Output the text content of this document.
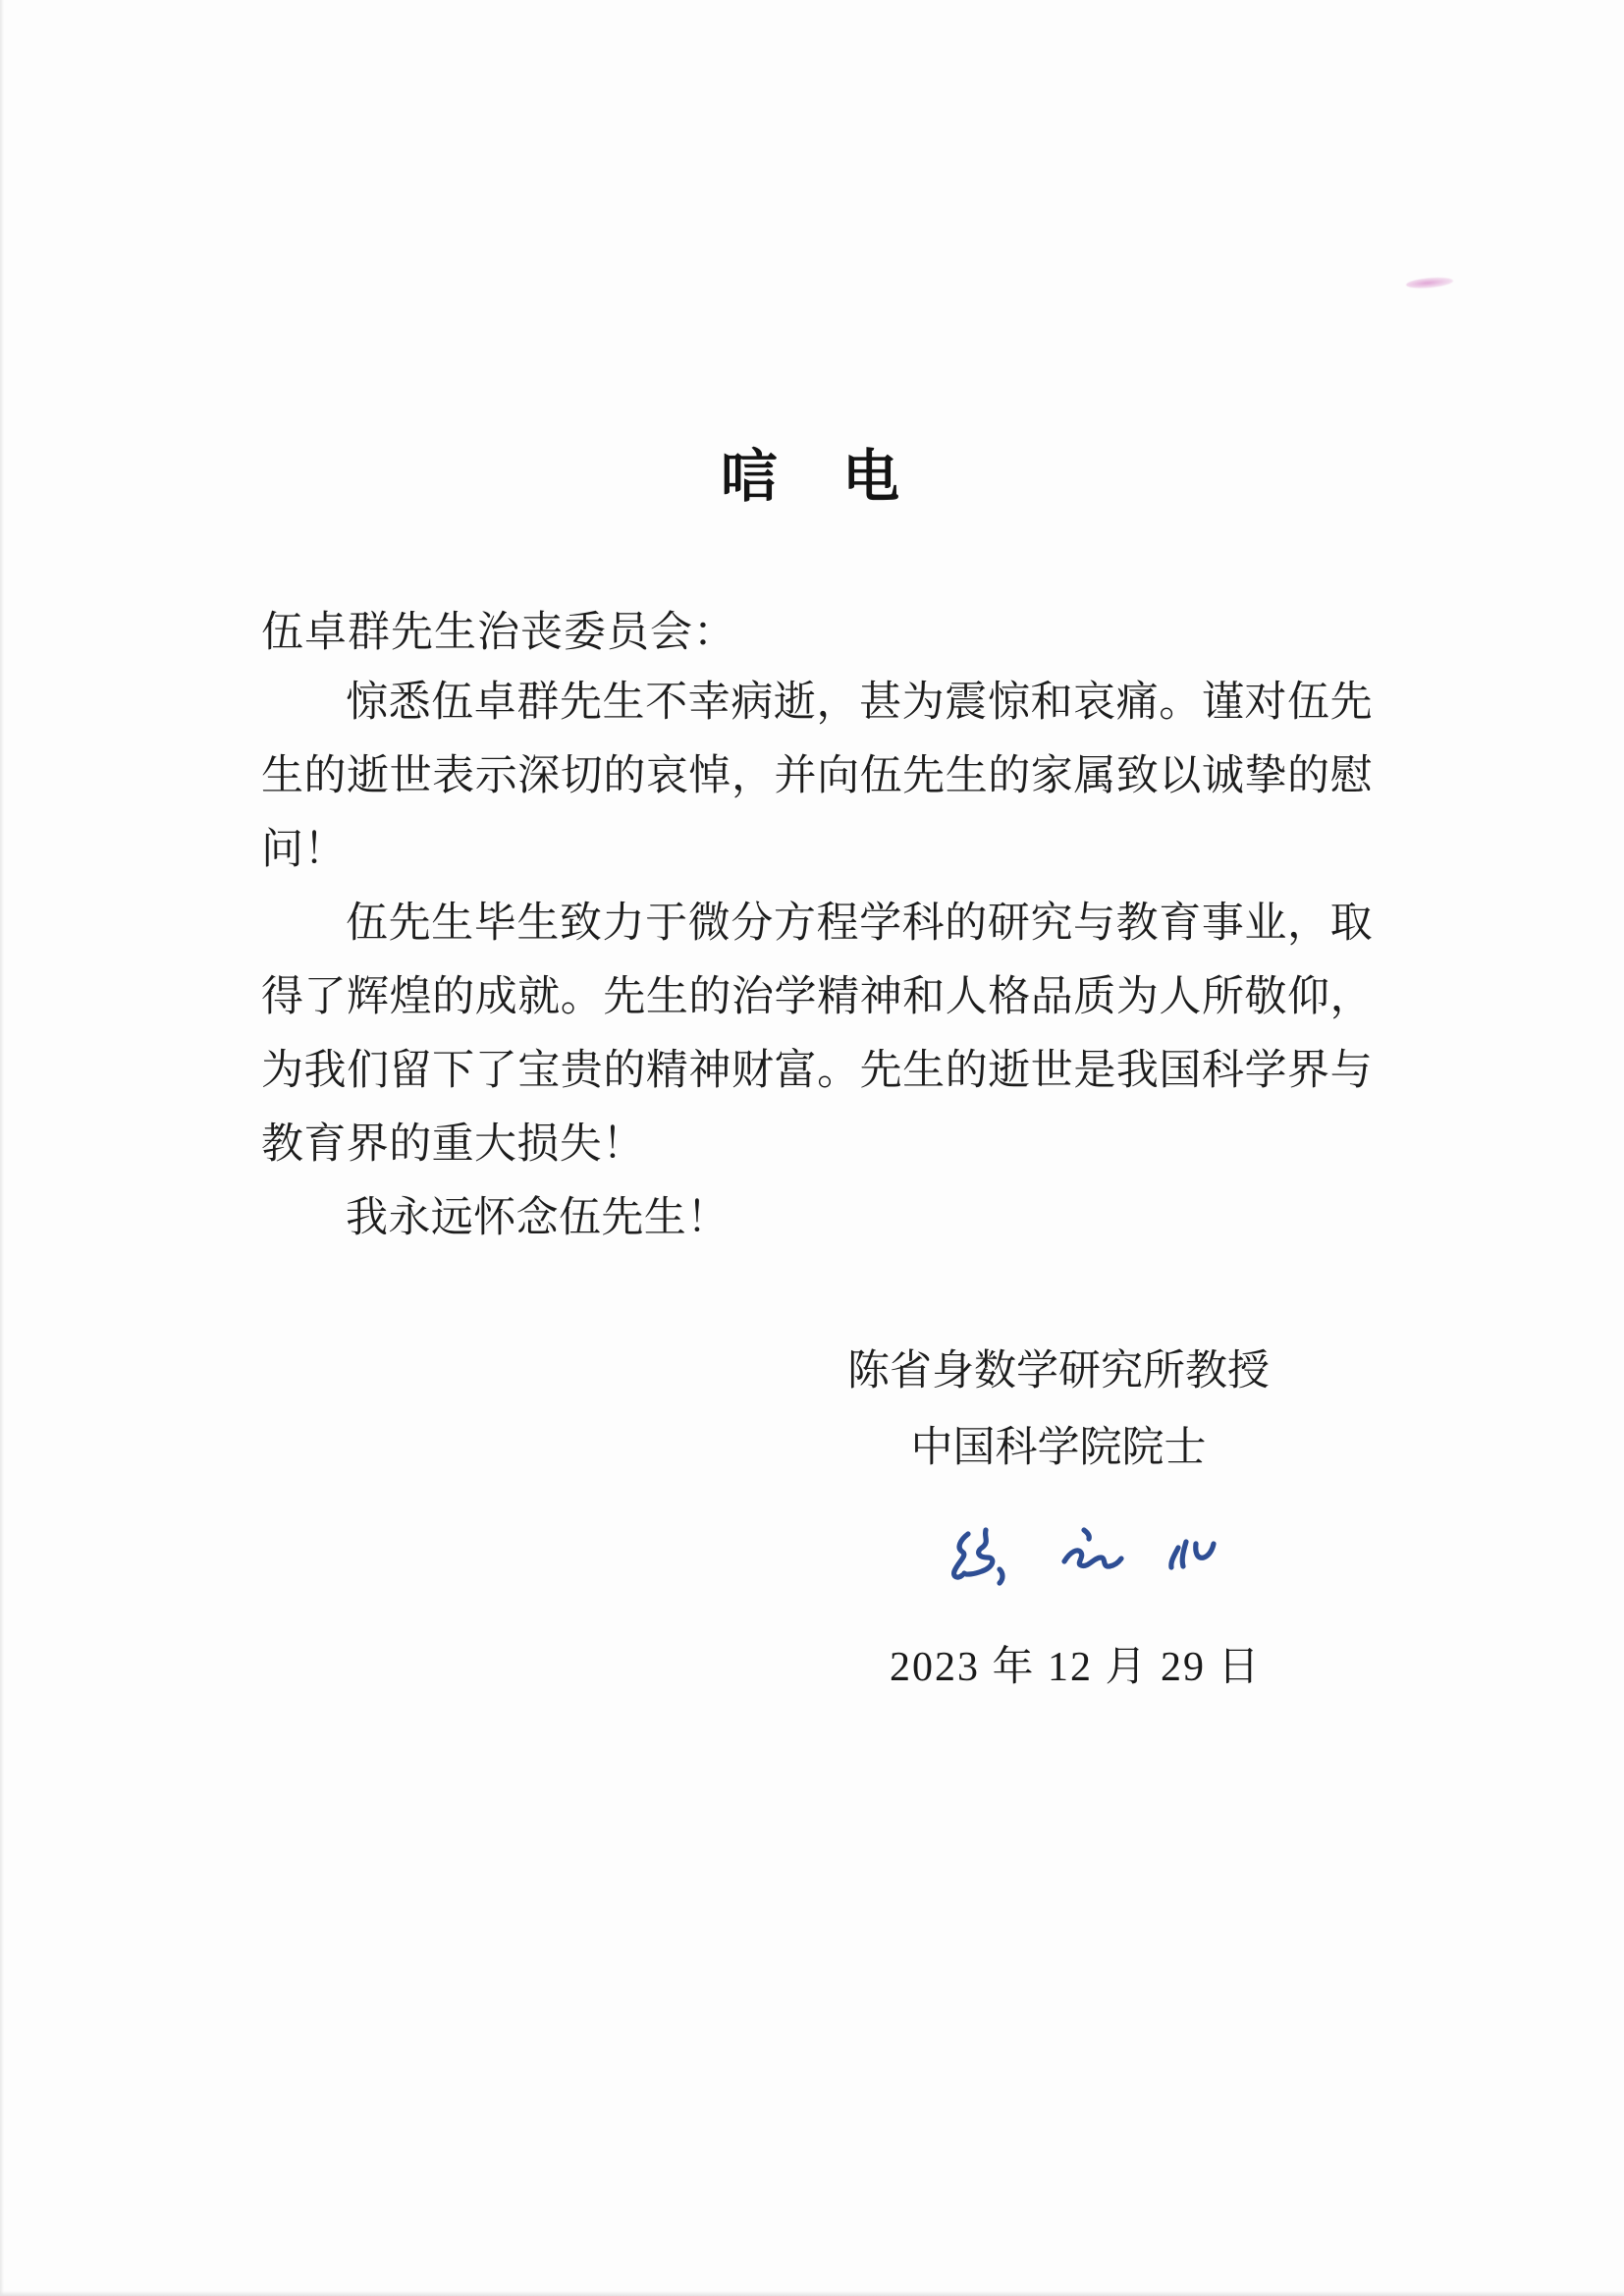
唁　电
伍卓群先生治丧委员会：

惊悉伍卓群先生不幸病逝，甚为震惊和哀痛。谨对伍先生的逝世表示深切的哀悼，并向伍先生的家属致以诚挚的慰问！

伍先生毕生致力于微分方程学科的研究与教育事业，取得了辉煌的成就。先生的治学精神和人格品质为人所敬仰，为我们留下了宝贵的精神财富。先生的逝世是我国科学界与教育界的重大损失！

我永远怀念伍先生！

陈省身数学研究所教授
中国科学院院士
2023 年 12 月 29 日
